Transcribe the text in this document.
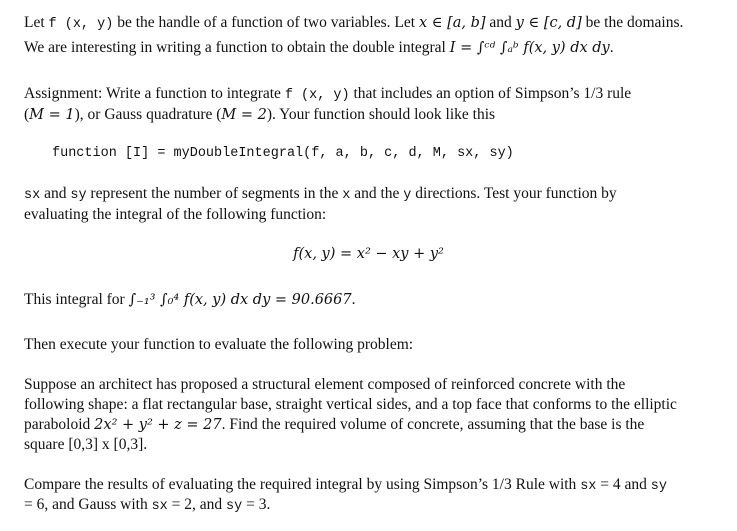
Let f (x, y) be the handle of a function of two variables. Let x ∈ [a, b] and y ∈ [c, d] be the domains.
We are interesting in writing a function to obtain the double integral I = ∫ᶜᵈ ∫ₐᵇ f(x, y) dx dy.
Assignment: Write a function to integrate f (x, y) that includes an option of Simpson’s 1/3 rule
(M = 1), or Gauss quadrature (M = 2). Your function should look like this
function [I] = myDoubleIntegral(f, a, b, c, d, M, sx, sy)
sx and sy represent the number of segments in the x and the y directions. Test your function by
evaluating the integral of the following function:
f(x, y) = x² − xy + y²
This integral for ∫₋₁³ ∫₀⁴ f(x, y) dx dy = 90.6667.
Then execute your function to evaluate the following problem:
Suppose an architect has proposed a structural element composed of reinforced concrete with the
following shape: a flat rectangular base, straight vertical sides, and a top face that conforms to the elliptic
paraboloid 2x² + y² + z = 27. Find the required volume of concrete, assuming that the base is the
square [0,3] x [0,3].
Compare the results of evaluating the required integral by using Simpson’s 1/3 Rule with sx = 4 and sy
= 6, and Gauss with sx = 2, and sy = 3.
